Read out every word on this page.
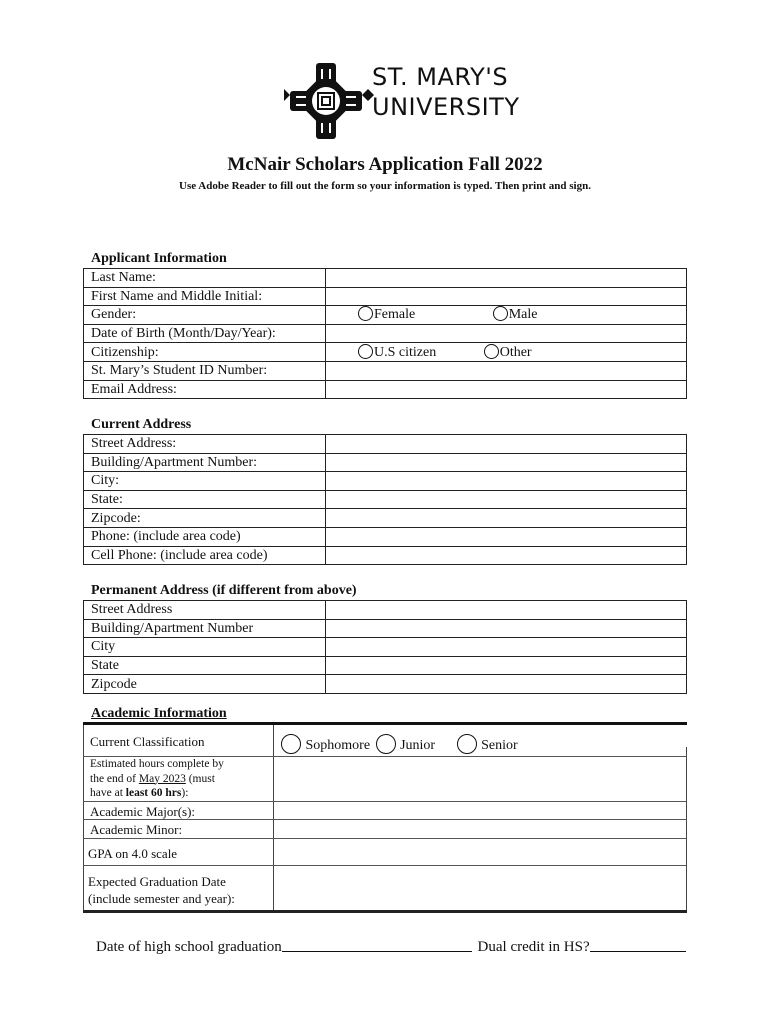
ST. MARY'S
UNIVERSITY
McNair Scholars Application Fall 2022
Use Adobe Reader to fill out the form so your information is typed. Then print and sign.
Applicant Information
Last Name:	
First Name and Middle Initial:	
Gender:	Female Male
Date of Birth (Month/Day/Year):	
Citizenship:	U.S citizen Other
St. Mary’s Student ID Number:	
Email Address:	
Current Address
Street Address:	
Building/Apartment Number:	
City:	
State:	
Zipcode:	
Phone: (include area code)	
Cell Phone: (include area code)	
Permanent Address (if different from above)
Street Address	
Building/Apartment Number	
City	
State	
Zipcode	
Academic Information
Current Classification	Sophomore Junior	Senior
Estimated hours complete by
the end of May 2023 (must
have at least 60 hrs):
Academic Major(s):
Academic Minor:
GPA on 4.0 scale
Expected Graduation Date
(include semester and year):
Date of high school graduation	Dual credit in HS?
